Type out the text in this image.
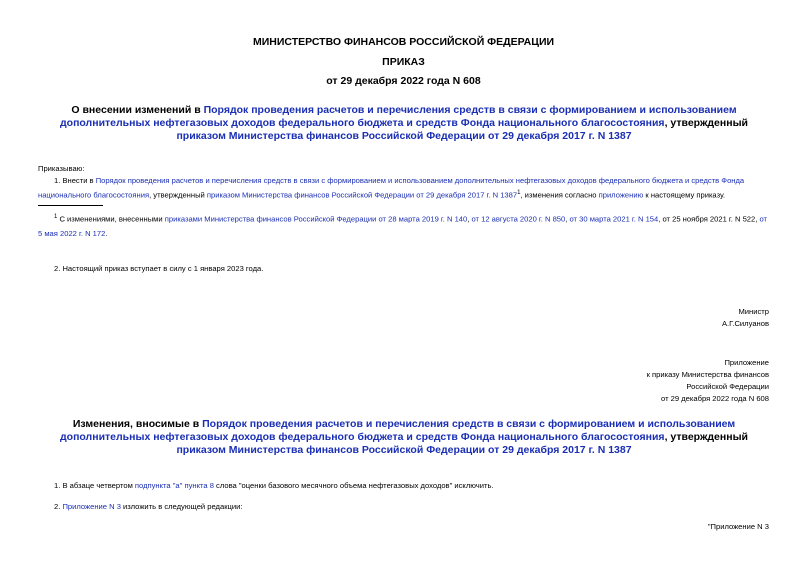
МИНИСТЕРСТВО ФИНАНСОВ РОССИЙСКОЙ ФЕДЕРАЦИИ
ПРИКАЗ
от 29 декабря 2022 года N 608
О внесении изменений в Порядок проведения расчетов и перечисления средств в связи с формированием и использованием дополнительных нефтегазовых доходов федерального бюджета и средств Фонда национального благосостояния, утвержденный приказом Министерства финансов Российской Федерации от 29 декабря 2017 г. N 1387
Приказываю:
1. Внести в Порядок проведения расчетов и перечисления средств в связи с формированием и использованием дополнительных нефтегазовых доходов федерального бюджета и средств Фонда национального благосостояния, утвержденный приказом Министерства финансов Российской Федерации от 29 декабря 2017 г. N 1387$^1$, изменения согласно приложению к настоящему приказу.
$^1$ С изменениями, внесенными приказами Министерства финансов Российской Федерации от 28 марта 2019 г. N 140, от 12 августа 2020 г. N 850, от 30 марта 2021 г. N 154, от 25 ноября 2021 г. N 522, от 5 мая 2022 г. N 172.
2. Настоящий приказ вступает в силу с 1 января 2023 года.
Министр
А.Г.Силуанов
Приложение
к приказу Министерства финансов
Российской Федерации
от 29 декабря 2022 года N 608
Изменения, вносимые в Порядок проведения расчетов и перечисления средств в связи с формированием и использованием дополнительных нефтегазовых доходов федерального бюджета и средств Фонда национального благосостояния, утвержденный приказом Министерства финансов Российской Федерации от 29 декабря 2017 г. N 1387
1. В абзаце четвертом подпункта "а" пункта 8 слова "оценки базового месячного объема нефтегазовых доходов" исключить.
2. Приложение N 3 изложить в следующей редакции:
"Приложение N 3
